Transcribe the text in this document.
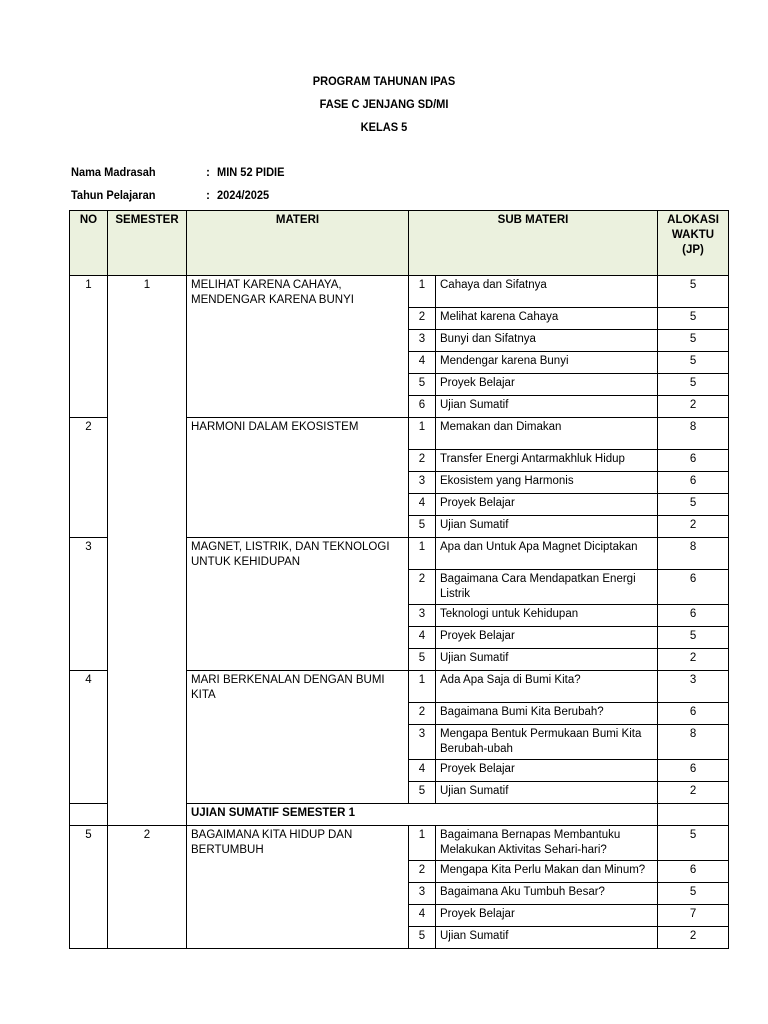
PROGRAM TAHUNAN IPAS
FASE C JENJANG SD/MI
KELAS 5
Nama Madrasah	: MIN 52 PIDIE
Tahun Pelajaran	: 2024/2025
NO	SEMESTER	MATERI	SUB MATERI		ALOKASI WAKTU (JP)
1	1	MELIHAT KARENA CAHAYA, MENDENGAR KARENA BUNYI	1	Cahaya dan Sifatnya	5
			2	Melihat karena Cahaya	5
			3	Bunyi dan Sifatnya	5
			4	Mendengar karena Bunyi	5
			5	Proyek Belajar	5
			6	Ujian Sumatif	2
2		HARMONI DALAM EKOSISTEM	1	Memakan dan Dimakan	8
			2	Transfer Energi Antarmakhluk Hidup	6
			3	Ekosistem yang Harmonis	6
			4	Proyek Belajar	5
			5	Ujian Sumatif	2
3		MAGNET, LISTRIK, DAN TEKNOLOGI UNTUK KEHIDUPAN	1	Apa dan Untuk Apa Magnet Diciptakan	8
			2	Bagaimana Cara Mendapatkan Energi Listrik	6
			3	Teknologi untuk Kehidupan	6
			4	Proyek Belajar	5
			5	Ujian Sumatif	2
4		MARI BERKENALAN DENGAN BUMI KITA	1	Ada Apa Saja di Bumi Kita?	3
			2	Bagaimana Bumi Kita Berubah?	6
			3	Mengapa Bentuk Permukaan Bumi Kita Berubah-ubah	8
			4	Proyek Belajar	6
			5	Ujian Sumatif	2
		UJIAN SUMATIF SEMESTER 1			
5	2	BAGAIMANA KITA HIDUP DAN BERTUMBUH	1	Bagaimana Bernapas Membantuku Melakukan Aktivitas Sehari-hari?	5
			2	Mengapa Kita Perlu Makan dan Minum?	6
			3	Bagaimana Aku Tumbuh Besar?	5
			4	Proyek Belajar	7
			5	Ujian Sumatif	2
